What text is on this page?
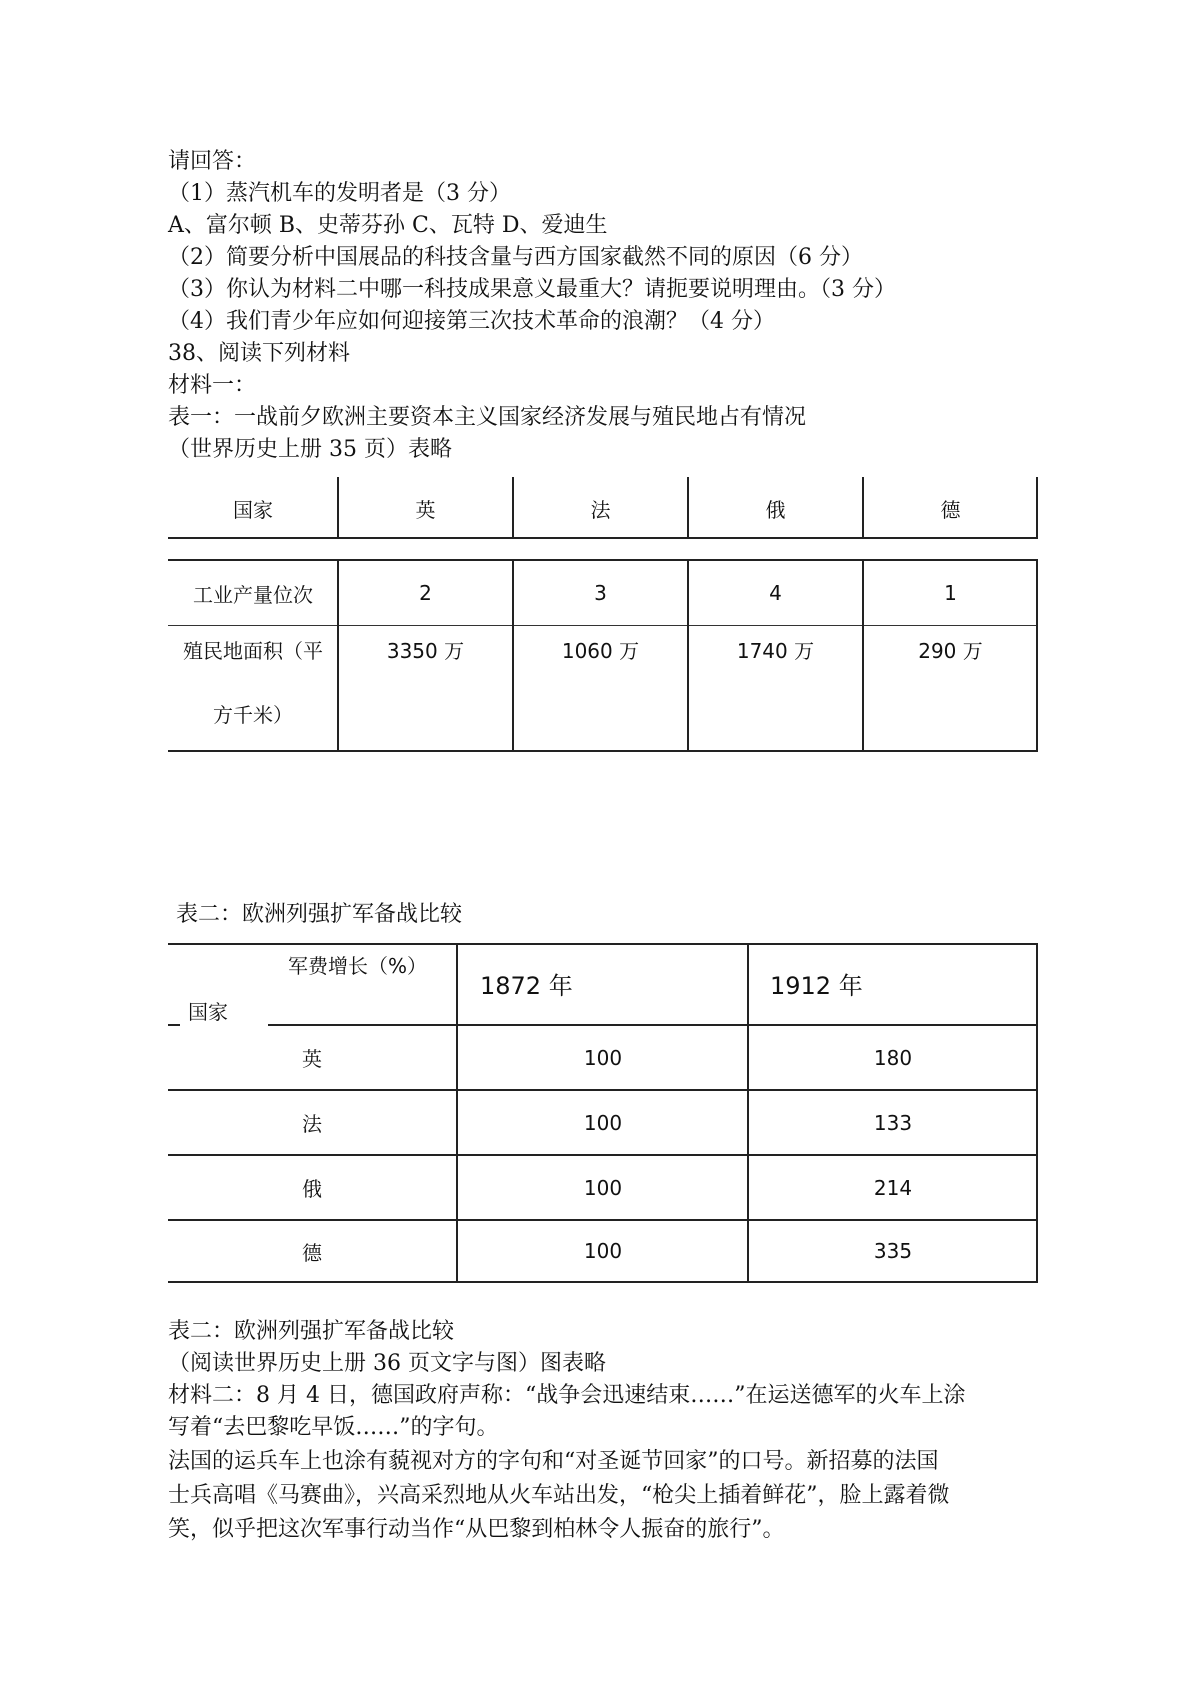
请回答：
（1）蒸汽机车的发明者是（3 分）
A、富尔顿 B、史蒂芬孙 C、瓦特 D、爱迪生
（2）简要分析中国展品的科技含量与西方国家截然不同的原因（6 分）
（3）你认为材料二中哪一科技成果意义最重大？请扼要说明理由。（3 分）
（4）我们青少年应如何迎接第三次技术革命的浪潮？（4 分）
38、阅读下列材料
材料一：
表一：一战前夕欧洲主要资本主义国家经济发展与殖民地占有情况
（世界历史上册 35 页）表略
国家	英	法	俄	德
工业产量位次	2	3	4	1
殖民地面积（平
方千米）
3350 万	1060 万	1740 万	290 万
表二：欧洲列强扩军备战比较
军费增长（%）
国家
1872 年	1912 年
英	100	180
法	100	133
俄	100	214
德	100	335
表二：欧洲列强扩军备战比较
（阅读世界历史上册 36 页文字与图）图表略
材料二：8 月 4 日，德国政府声称：“战争会迅速结束……”在运送德军的火车上涂
写着“去巴黎吃早饭……”的字句。
法国的运兵车上也涂有藐视对方的字句和“对圣诞节回家”的口号。新招募的法国
士兵高唱《马赛曲》，兴高采烈地从火车站出发，“枪尖上插着鲜花”，脸上露着微
笑，似乎把这次军事行动当作“从巴黎到柏林令人振奋的旅行”。
